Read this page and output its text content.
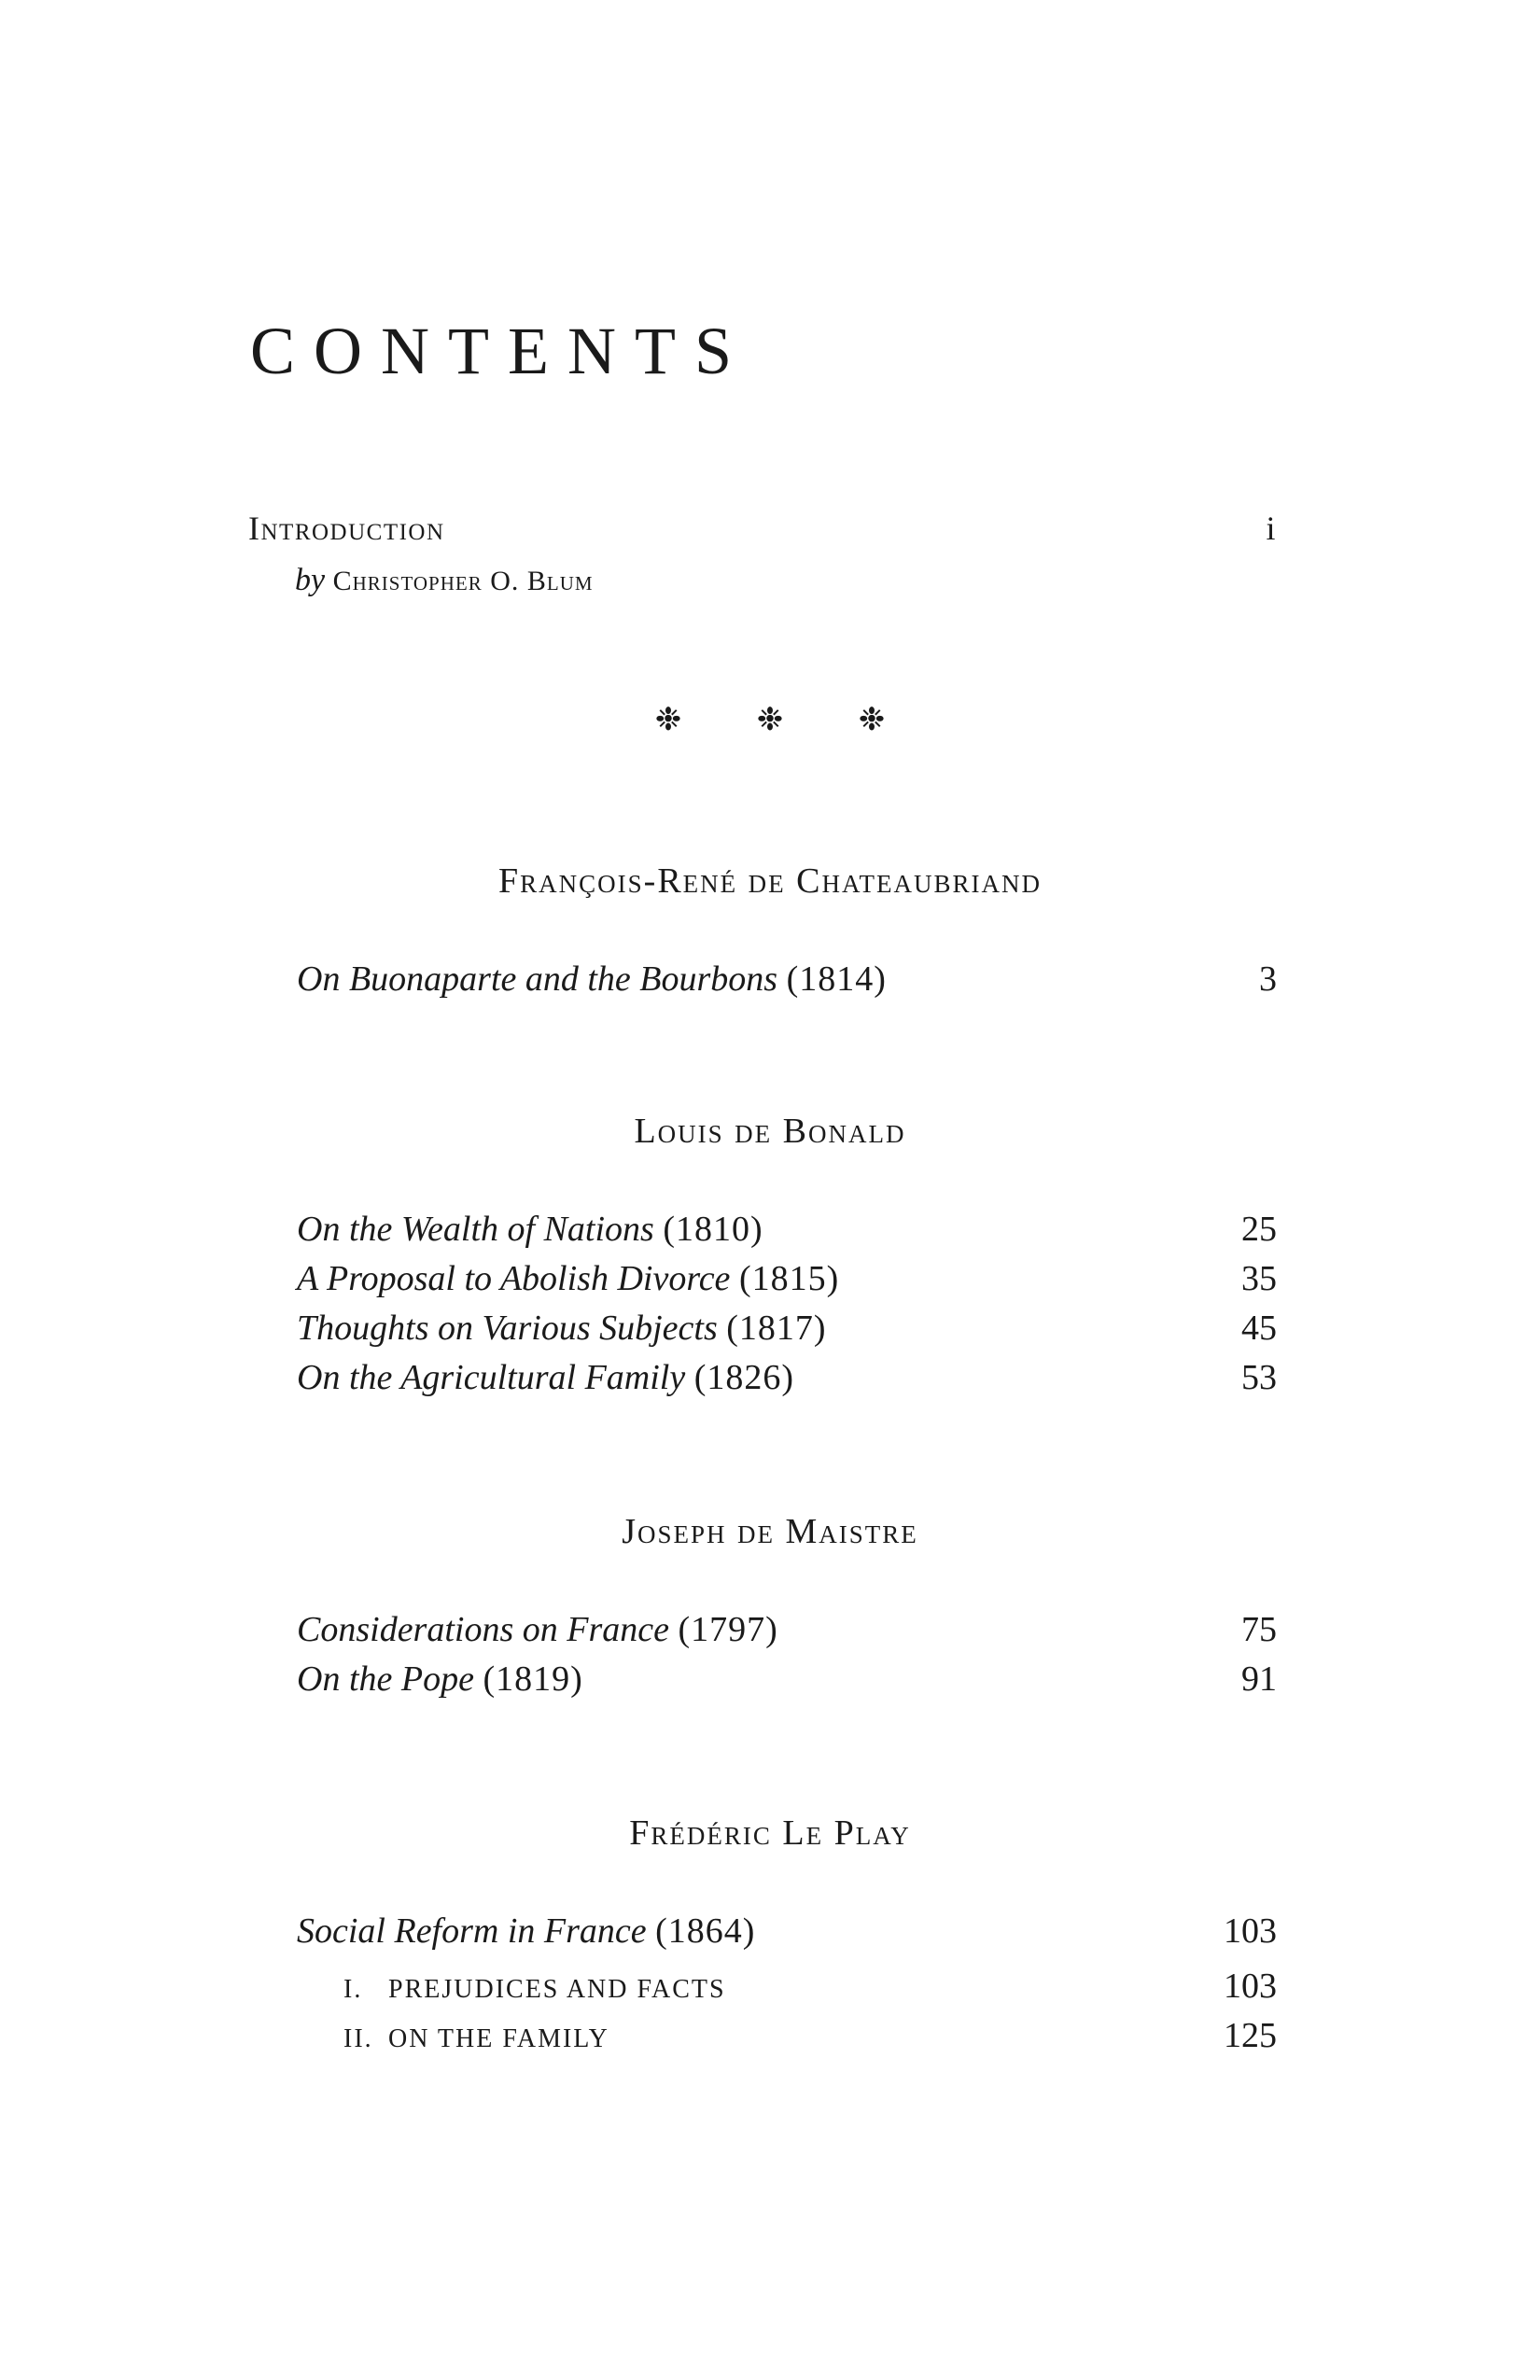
CONTENTS
Introduction	i
by Christopher O. Blum
❉ ❉ ❉
François-René de Chateaubriand
On Buonaparte and the Bourbons (1814)	3
Louis de Bonald
On the Wealth of Nations (1810)	25
A Proposal to Abolish Divorce (1815)	35
Thoughts on Various Subjects (1817)	45
On the Agricultural Family (1826)	53
Joseph de Maistre
Considerations on France (1797)	75
On the Pope (1819)	91
Frédéric Le Play
Social Reform in France (1864)	103
I. PREJUDICES AND FACTS	103
II. ON THE FAMILY	125
